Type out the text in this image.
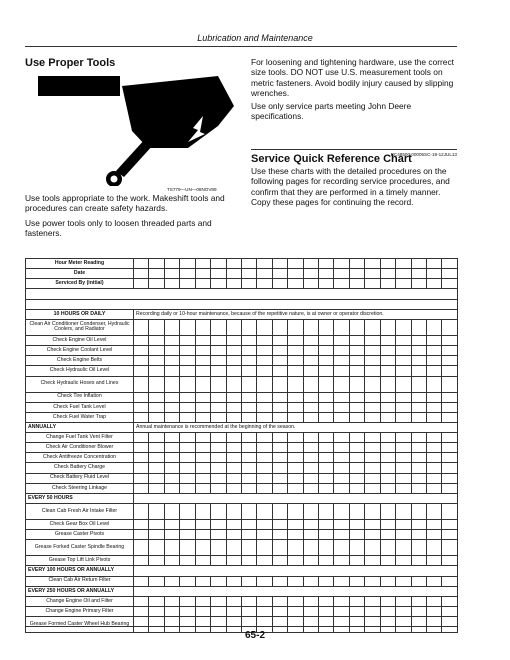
Lubrication and Maintenance
Use Proper Tools
TS779—UN—08NOV89
Use tools appropriate to the work. Makeshift tools and procedures can create safety hazards.
Use power tools only to loosen threaded parts and fasteners.
For loosening and tightening hardware, use the correct size tools. DO NOT use U.S. measurement tools on metric fasteners. Avoid bodily injury caused by slipping wrenches.
Use only service parts meeting John Deere specifications.
RC48500,00005SC-19-12JUL13
Service Quick Reference Chart
Use these charts with the detailed procedures on the following pages for recording service procedures, and confirm that they are performed in a timely manner.
Copy these pages for continuing the record.
Hour Meter Reading																					
Date																					
Serviced By (initial)																					

10 HOURS OR DAILY	Recording daily or 10-hour maintenance, because of the repetitive nature, is at owner or operator discretion.																				
Clean Air Conditioner Condenser, Hydraulic Coolers, and Radiator																					
Check Engine Oil Level																					
Check Engine Coolant Level																					
Check Engine Belts																					
Check Hydraulic Oil Level																					
Check Hydraulic Hoses and Lines																					
Check Tire Inflation																					
Check Fuel Tank Level																					
Check Fuel Water Trap																					
ANNUALLY	Annual maintenance is recommended at the beginning of the season.																				
Change Fuel Tank Vent Filter																					
Check Air Conditioner Blower																					
Check Antifreeze Concentration																					
Check Battery Charge																					
Check Battery Fluid Level																					
Check Steering Linkage																					
EVERY 50 HOURS																					
Clean Cab Fresh Air Intake Filter																					
Check Gear Box Oil Level																					
Grease Caster Pivots																					
Grease Forked Caster Spindle Bearing																					
Grease Top Lift Link Pivots																					
EVERY 100 HOURS OR ANNUALLY																					
Clean Cab Air Return Filter																					
EVERY 250 HOURS OR ANNUALLY																					
Change Engine Oil and Filter																					
Change Engine Primary Filter																					
Grease Formed Caster Wheel Hub Bearing																					
65-2
